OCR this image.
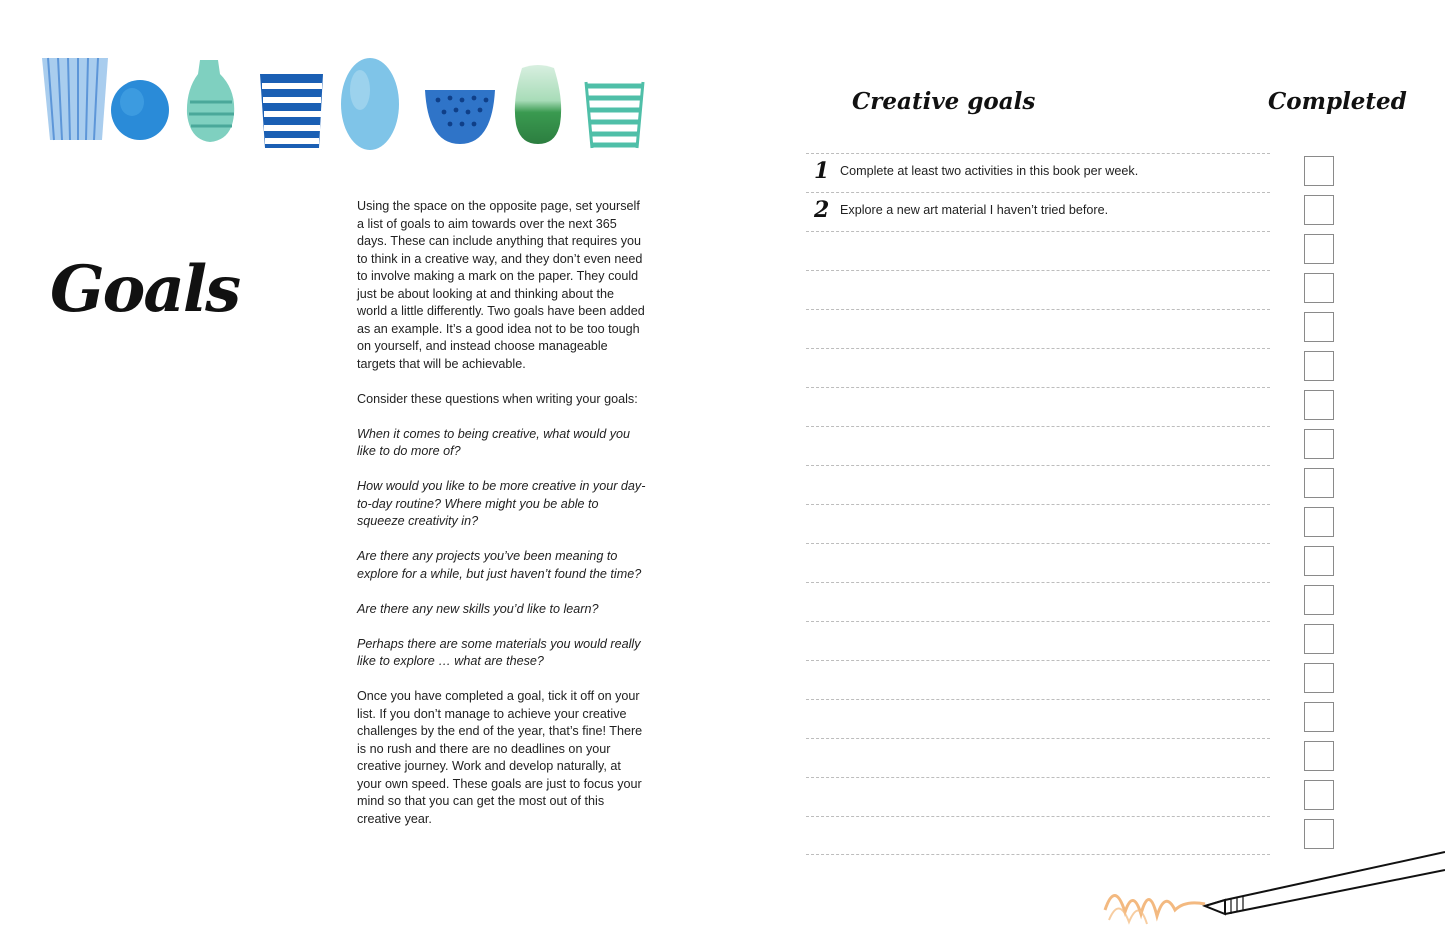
Goals

Using the space on the opposite page, set yourself a list of goals to aim towards over the next 365 days. These can include anything that requires you to think in a creative way, and they don’t even need to involve making a mark on the paper. They could just be about looking at and thinking about the world a little differently. Two goals have been added as an example. It’s a good idea not to be too tough on yourself, and instead choose manageable targets that will be achievable.

Consider these questions when writing your goals:

When it comes to being creative, what would you like to do more of?

How would you like to be more creative in your day-to-day routine? Where might you be able to squeeze creativity in?

Are there any projects you’ve been meaning to explore for a while, but just haven’t found the time?

Are there any new skills you’d like to learn?

Perhaps there are some materials you would really like to explore … what are these?

Once you have completed a goal, tick it off on your list. If you don’t manage to achieve your creative challenges by the end of the year, that’s fine! There is no rush and there are no deadlines on your creative journey. Work and develop naturally, at your own speed. These goals are just to focus your mind so that you can get the most out of this creative year.

Creative goals	Completed
1 Complete at least two activities in this book per week.
2 Explore a new art material I haven’t tried before.
